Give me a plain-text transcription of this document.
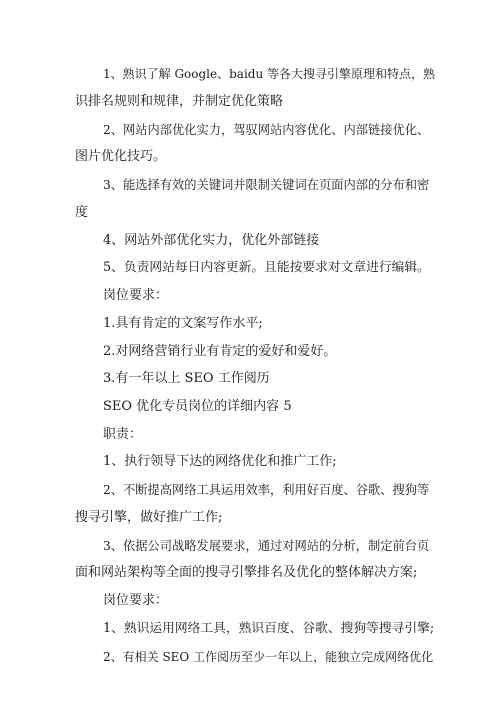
1、熟识了解 Google、baidu 等各大搜寻引擎原理和特点，熟
识排名规则和规律，并制定优化策略
2、网站内部优化实力，驾驭网站内容优化、内部链接优化、
图片优化技巧。
3、能选择有效的关键词并限制关键词在页面内部的分布和密
度
4、网站外部优化实力，优化外部链接
5、负责网站每日内容更新。且能按要求对文章进行编辑。
岗位要求：
1.具有肯定的文案写作水平;
2.对网络营销行业有肯定的爱好和爱好。
3.有一年以上 SEO 工作阅历
SEO 优化专员岗位的详细内容 5
职责：
1、执行领导下达的网络优化和推广工作;
2、不断提高网络工具运用效率，利用好百度、谷歌、搜狗等
搜寻引擎，做好推广工作;
3、依据公司战略发展要求，通过对网站的分析，制定前台页
面和网站架构等全面的搜寻引擎排名及优化的整体解决方案;
岗位要求：
1、熟识运用网络工具，熟识百度、谷歌、搜狗等搜寻引擎;
2、有相关 SEO 工作阅历至少一年以上，能独立完成网络优化
